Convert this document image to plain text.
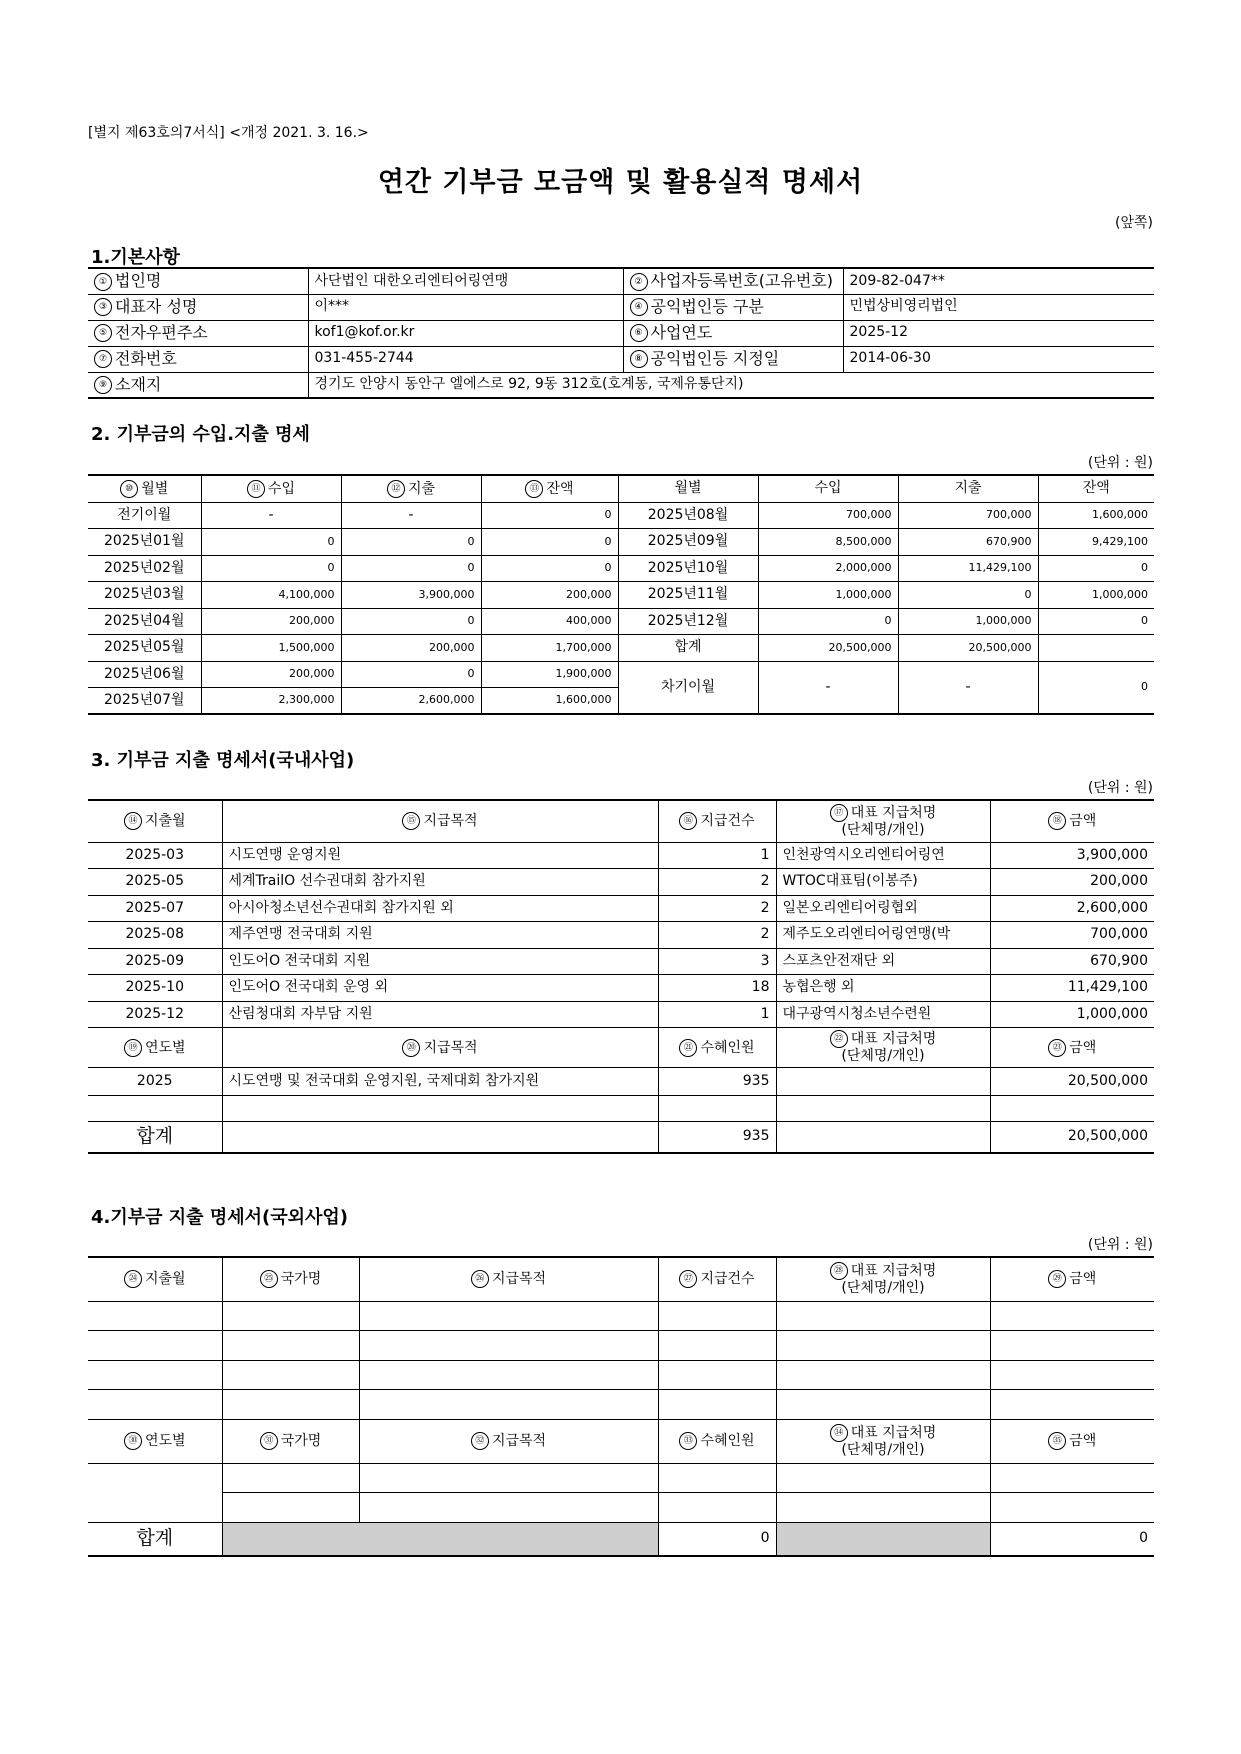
[별지 제63호의7서식] <개정 2021. 3. 16.>
연간 기부금 모금액 및 활용실적 명세서
(앞쪽)
1.기본사항
① 법인명	사단법인 대한오리엔티어링연맹	② 사업자등록번호(고유번호)	209-82-047**
③ 대표자 성명	이***	④ 공익법인등 구분	민법상비영리법인
⑤ 전자우편주소	kof1@kof.or.kr	⑥ 사업연도	2025-12
⑦ 전화번호	031-455-2744	⑧ 공익법인등 지정일	2014-06-30
⑨ 소재지	경기도 안양시 동안구 엘에스로 92, 9동 312호(호계동, 국제유통단지)		
2. 기부금의 수입.지출 명세
(단위 : 원)
⑩ 월별	⑪ 수입	⑫ 지출	⑬ 잔액	월별	수입	지출	잔액
전기이월	-	-	0	2025년08월	700,000	700,000	1,600,000
2025년01월	0	0	0	2025년09월	8,500,000	670,900	9,429,100
2025년02월	0	0	0	2025년10월	2,000,000	11,429,100	0
2025년03월	4,100,000	3,900,000	200,000	2025년11월	1,000,000	0	1,000,000
2025년04월	200,000	0	400,000	2025년12월	0	1,000,000	0
2025년05월	1,500,000	200,000	1,700,000	합계	20,500,000	20,500,000	
2025년06월	200,000	0	1,900,000	차기이월	-	-	0
2025년07월	2,300,000	2,600,000	1,600,000				
3. 기부금 지출 명세서(국내사업)
(단위 : 원)
⑭ 지출월	⑮ 지급목적	⑯ 지급건수	⑰ 대표 지급처명
(단체명/개인)	⑱ 금액
2025-03	시도연맹 운영지원	1	인천광역시오리엔티어링연	3,900,000
2025-05	세계TrailO 선수권대회 참가지원	2	WTOC대표팀(이봉주)	200,000
2025-07	아시아청소년선수권대회 참가지원 외	2	일본오리엔티어링협외	2,600,000
2025-08	제주연맹 전국대회 지원	2	제주도오리엔티어링연맹(박	700,000
2025-09	인도어O 전국대회 지원	3	스포츠안전재단 외	670,900
2025-10	인도어O 전국대회 운영 외	18	농협은행 외	11,429,100
2025-12	산림청대회 자부담 지원	1	대구광역시청소년수련원	1,000,000
⑲ 연도별	⑳ 지급목적	㉑ 수혜인원	㉒ 대표 지급처명
(단체명/개인)	㉓ 금액
2025	시도연맹 및 전국대회 운영지원, 국제대회 참가지원	935		20,500,000

합계		935		20,500,000
4.기부금 지출 명세서(국외사업)
(단위 : 원)
㉔ 지출월	㉕ 국가명	㉖ 지급목적	㉗ 지급건수	㉘ 대표 지급처명
(단체명/개인)	㉙ 금액

㉚ 연도별	㉛ 국가명	㉜ 지급목적	㉝ 수혜인원	㉞ 대표 지급처명
(단체명/개인)	㉟ 금액

합계			0		0
